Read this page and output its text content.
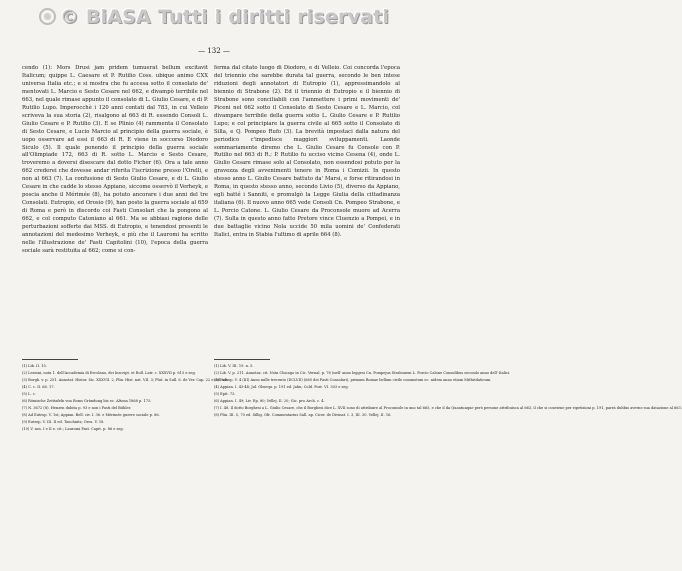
© BiASA Tutti i diritti riservati
— 132 —

cendo (1): Mors Drusi jam pridem tumuerat bellum excitavit Italicum; quippe L. Caesare et P. Rutilio Coss. ubique animo CXX universa Italia etc.; e si mostra che fu accesa sotto il consolato de' mentovati L. Marcio e Sesto Cesare nel 662, e divampò terribile nel 663, nel quale rimase appunto il consolato di L. Giulio Cesare, e di P. Rutilio Lupo. Imperocchè i 120 anni contati dal 783, in cui Velleio scriveva la sua storia (2), risalgono al 663 di R. essendo Consoli L. Giulio Cesare e P. Rutilio (3). E se Plinio (4) rammenta il Consolato di Sesto Cesare, e Lucio Marcio al principio della guerra sociale, è uopo osservare ad essi il 663 di R. E viene in soccorso Diodoro Siculo (5). Il quale ponendo il principio della guerra sociale all'Olimpiade 172, 663 di R. sotto L. Marcio e Sesto Cesare, troveremo a doversi disescare dal dotto Ficher (6). Ora a tale anno 662 crederei che dovesse andar riferita l'iscrizione presso l'Orelli, e non al 663 (7). La confusione di Sesto Giulio Cesare, e di L. Giulio Cesare in che cadde lo stesso Appiano, siccome osservò il Verheyk, e poscia anche il Mérimée (8), ha potuto ancorare i due anni del tre Consolati. Eutropio, ed Orosio (9), han posto la guerra sociale al 659 di Roma e però in discordo coi Fasti Consolari che la pongono al 662, e col computo Catoniano al 661. Ma se abbiasi ragione delle perturbazioni sofferte dai MSS. di Eutropio, e tenendosi presenti le annotazioni del medesimo Verheyk, e più che il Lauromi ha scritto nelle l'illustrazione de' Fasti Capitolini (10), l'epoca della guerra sociale sarà restituita al 662; come si con-

ferma dal citato luogo di Diodoro, e di Velleio. Coi concorda l'epoca del triennio che sarebbe durata tal guerra, secondo le ben intese riduzioni degli annotatori di Eutropio (1), appressimandolo al biennio di Strabone (2). Ed il triennio di Eutropio e il biennio di Strabone sono conciliabili con l'ammettere i primi movimenti de' Piceni nel 662 sotto il Consolato di Sesto Cesare e L. Marcio, col divampare terribile della guerra sotto L. Giulio Cesare e P. Rutilio Lupo; e col principiare la guerra civile al 665 sotto il Consolato di Silla, e Q. Pompeo Rufo (3). La brevità impostaci dalla natura del periodico c'impedisce maggiori sviluppamenti. Laonde sommariamente diremo che L. Giulio Cesare fu Console con P. Rutilio nel 663 di R.; P. Rutilio fu ucciso vicino Cesena (4), onde L. Giulio Cesare rimase solo al Consolato, non essendosi potuto per la gravezza degli avvenimenti tenere in Roma i Comizii. In questo stesso anno L. Giulio Cesare battuto da' Marsi, e forse ritirandosi in Roma, in questo stesso anno, secondo Livio (5), diverso da Appiano, egli batté i Sanniti, e promulgò la Legge Giulia della cittadinanza italiana (6). Il nuovo anno 665 vede Consoli Cn. Pompeo Strabone, e L. Porcio Catone. L. Giulio Cesare da Proconsole muore ad Acerra (7). Sulla in questo anno fatto Pretore vince Cluenzio a Pompei, e in due battaglie vicino Nola uccide 50 mila uomini de' Confederati Italici, entra in Stabia l'ultimo di aprile 664 (8).

(1) Lib. II. 15.
(2) Lezioni, nota 1. dell'Accademia di Ercolano, dei Inscript. et Roll. Latr. c. XXXVII p. 615 e seg.
(3) Borgh. v. p. 251. Annotat. Histor. Sic. XXXVII. 2, Plin. Hist. nat. VII. 3; Plut. in Sull. 6. de Ver. Cap. 22 e del. ult.
(4) C. c. II. 66. 17.
(5) L. c.
(6) Römische Zeittafeln von Roms Gründung bis ec. Altona 1868 p. 175.
(7) N. 3672 (8). Henzen dubita p. 93 e non i Fasti del Bühler.
(8) Ad Eutrop. V. 1st; Appian. Bell. civ. I. 36. e Mérimée guerre sociale p. 86.
(9) Eutrop. V. III. II ed. Tauchnitz; Oros. V. 18.
(10) V. nos. I e II e. cit.; Lauromi Fast. Capit. p. 86 e seg.
(1) Lib. V. III. 19. n. 5.
(2) Lib. V. p. 211. Annotaz. cit. Nota Chicago in Cic. Vernal. p. 78 (nell' anno leggesi Cn. Pompejus Strabonem L. Porcio Calone Consulibus secondo anno dell' Italici.
(3) Eutrop. V. 4 (III) Anno mille trecento (DCLVII) (665 dei Fasti Consolari), primum Romae bellum civile commotum ec. nidem anno etiam Mithridaticum.
(4) Appian. I. 43-44; Jul. Obsequ. p. 191 ed. Jahn; Cold. Post. VI. 303 e seg.
(5) Epit. 73.
(6) Appian. I. 49; Liv. Ep. 80; Vellej. II. 20; Gic. pro Arch. c. 4.
(7) I. 48. Il dotto Borghesi a L. Giulio Cesare, che il Borghesi dice L. XVII sono di attribuire al Proconsole in uno tal 665, e che il da Quantunque però persone attribuisca al 663, il che si conviene per ripetizioni p. 191, parrà dubbio averne sua datazione al 663.
(8) Plin. III. 5, 70 ed. Sillig. Ofr. Commentarius Sall. ap. Cicer. de Divinat. I. 3, III. 30. Vellej. II. 16.
